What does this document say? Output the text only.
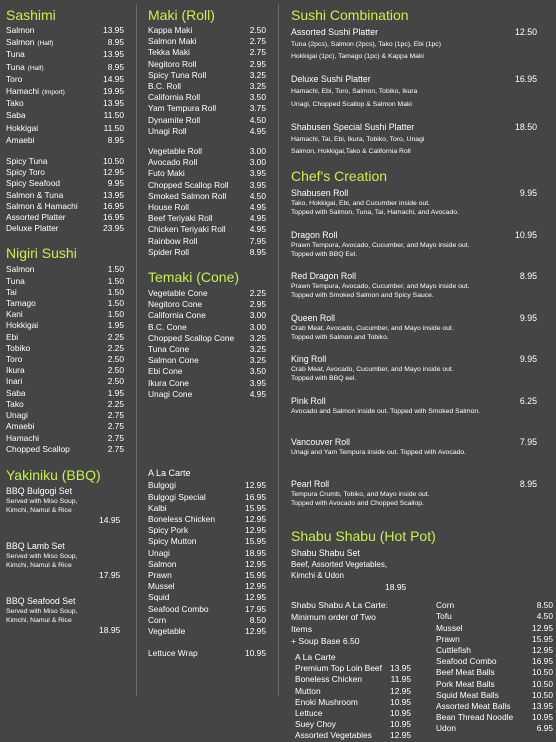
Sashimi
Salmon	13.95
Salmon (Half)	8.95
Tuna	13.95
Tuna (Half)	8.95
Toro	14.95
Hamachi (Import)	19.95
Tako	13.95
Saba	11.50
Hokkigai	11.50
Amaebi	8.95
Spicy Tuna	10.50
Spicy Toro	12.95
Spicy Seafood	9.95
Salmon & Tuna	13.95
Salmon & Hamachi	16.95
Assorted Platter	16.95
Deluxe Platter	23.95
Nigiri Sushi
Salmon	1.50
Tuna	1.50
Tai	1.50
Tamago	1.50
Kani	1.50
Hokkigai	1.95
Ebi	2.25
Tobiko	2.25
Toro	2.50
Ikura	2.50
Inari	2.50
Saba	1.95
Tako	2.25
Unagi	2.75
Amaebi	2.75
Hamachi	2.75
Chopped Scallop	2.75
Yakiniku (BBQ)
BBQ Bulgogi Set
Served with Miso Soup,
Kimchi, Namul & Rice
14.95
BBQ Lamb Set
Served with Miso Soup,
Kimchi, Namul & Rice
17.95
BBQ Seafood Set
Served with Miso Soup,
Kimchi, Namul & Rice
18.95
Maki (Roll)
Kappa Maki	2.50
Salmon Maki	2.75
Tekka Maki	2.75
Negitoro Roll	2.95
Spicy Tuna Roll	3.25
B.C. Roll	3.25
California Roll	3.50
Yam Tempura Roll	3.75
Dynamite Roll	4.50
Unagi Roll	4.95
Vegetable Roll	3.00
Avocado Roll	3.00
Futo Maki	3.95
Chopped Scallop Roll	3.95
Smoked Salmon Roll	4.50
House Roll	4.95
Beef Teriyaki Roll	4.95
Chicken Teriyaki Roll	4.95
Rainbow Roll	7.95
Spider Roll	8.95
Temaki (Cone)
Vegetable Cone	2.25
Negitoro Cone	2.95
California Cone	3.00
B.C. Cone	3.00
Chopped Scallop Cone 3.25
Tuna Cone	3.25
Salmon Cone	3.25
Ebi Cone	3.50
Ikura Cone	3.95
Unagi Cone	4.95
A La Carte
Bulgogi	12.95
Bulgogi Special	16.95
Kalbi	15.95
Boneless Chicken	12.95
Spicy Pork	12.95
Spicy Mutton	15.95
Unagi	18.95
Salmon	12.95
Prawn	15.95
Mussel	12.95
Squid	12.95
Seafood Combo	17.95
Corn	8.50
Vegetable	12.95
Lettuce Wrap	10.95
Sushi Combination
Assorted Sushi Platter	12.50
Tuna (2pcs), Salmon (2pcs), Tako (1pc), Ebi (1pc)
Hokkigai (1pc), Tamago (1pc) & Kappa Maki
Deluxe Sushi Platter	16.95
Hamachi, Ebi, Toro, Salmon, Tobiko, Ikura
Unagi, Chopped Scallop & Salmon Maki
Shabusen Special Sushi Platter	18.50
Hamachi, Tai, Ebi, Ikura, Tobiko, Toro, Unagi
Salmon, Hokkigai,Tako & California Roll
Chef's Creation
Shabusen Roll	9.95
Tako, Hokkigai, Ebi, and Cucumber inside out.
Topped with Salmon, Tuna, Tai, Hamachi, and Avocado.
Dragon Roll	10.95
Prawn Tempura, Avocado, Cucumber, and Mayo inside out.
Topped with BBQ Eel.
Red Dragon Roll	8.95
Prawn Tempura, Avocado, Cucumber, and Mayo inside out.
Topped with Smoked Salmon and Spicy Sauce.
Queen Roll	9.95
Crab Meat, Avocado, Cucumber, and Mayo inside out.
Topped with Salmon and Tobiko.
King Roll	9.95
Crab Meat, Avocado, Cucumber, and Mayo inside out.
Topped with BBQ eel.
Pink Roll	6.25
Avocado and Salmon inside out. Topped with Smoked Salmon.
Vancouver Roll	7.95
Unagi and Yam Tempura inside out. Topped with Avocado.
Pearl Roll	8.95
Tempura Crumb, Tobiko, and Mayo inside out.
Topped with Avocado and Chopped Scallop.
Shabu Shabu (Hot Pot)
Shabu Shabu Set
Beef, Assorted Vegetables,
Kimchi & Udon
18.95
Shabu Shabu A La Carte:
Minimum order of Two
Items
+ Soup Base 6.50
A La Carte
Premium Top Loin Beef 13.95
Boneless Chicken	11.95
Mutton	12.95
Enoki Mushroom	10.95
Lettuce	10.95
Suey Choy	10.95
Assorted Vegetables 12.95
Corn	8.50
Tofu	4.50
Mussel	12.95
Prawn	15.95
Cuttlefish	12.95
Seafood Combo	16.95
Beef Meat Balls	10.50
Pork Meat Balls	10.50
Squid Meat Balls	10.50
Assorted Meat Balls	13.95
Bean Thread Noodle 10.95
Udon	6.95
